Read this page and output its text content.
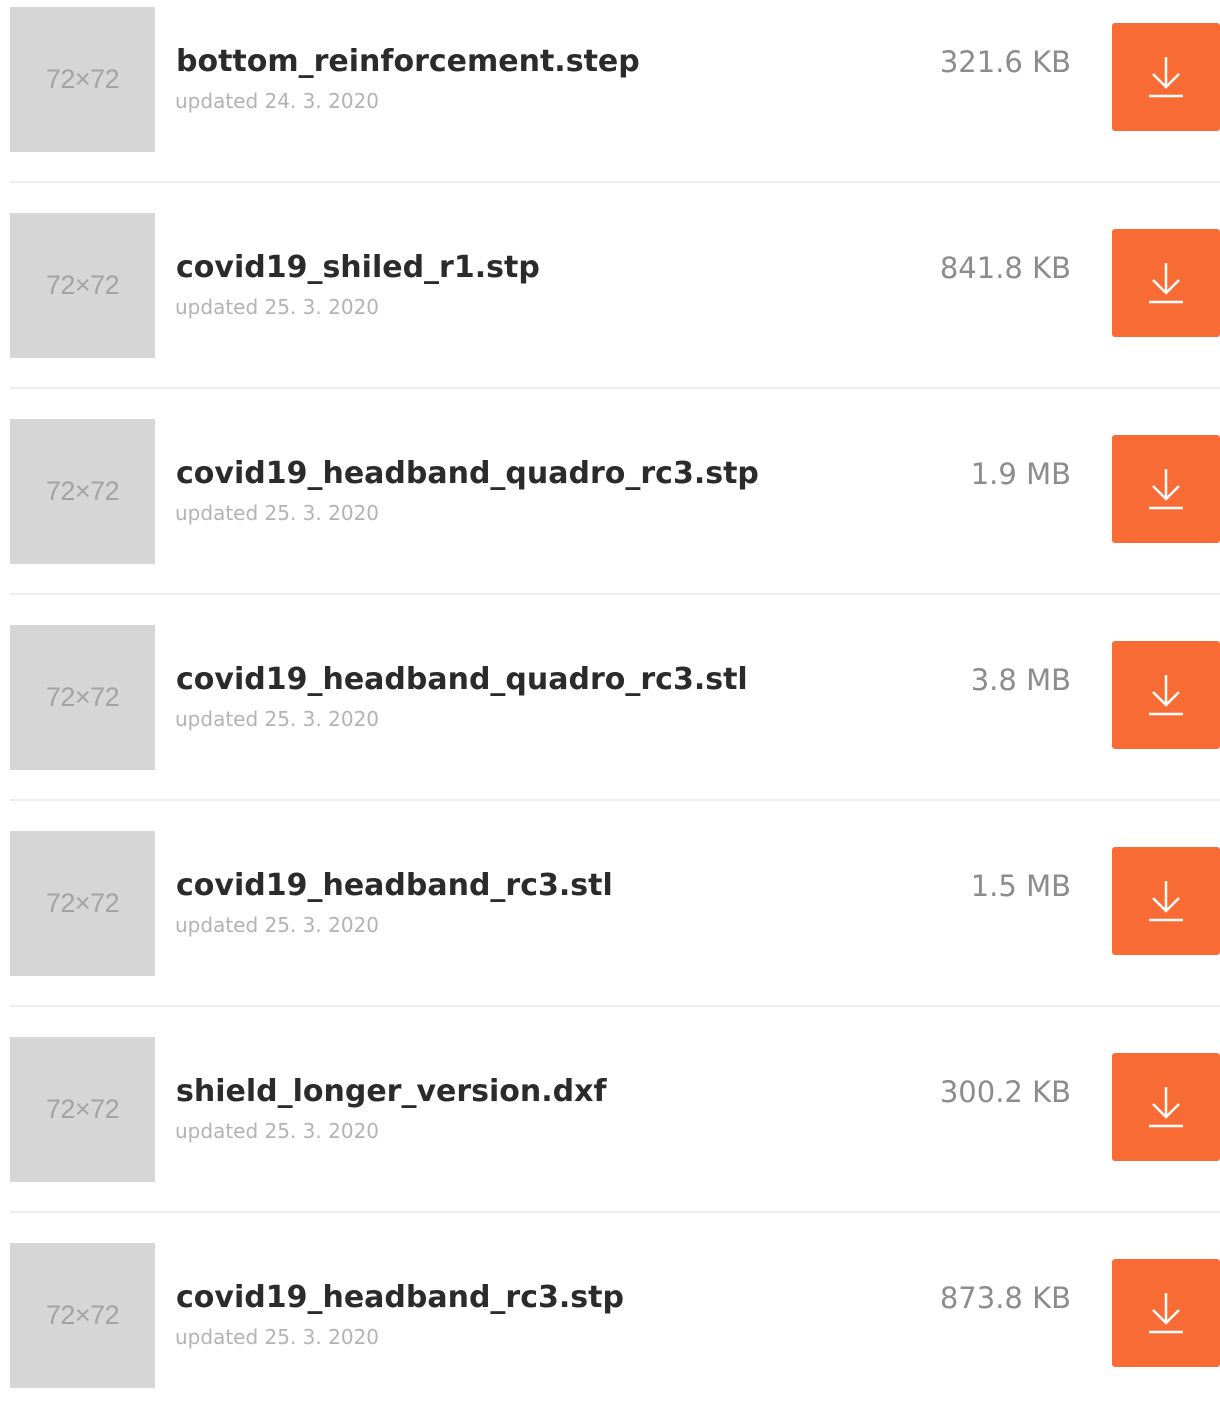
72×72 bottom_reinforcement.step
updated 24. 3. 2020
321.6 KB
72×72 covid19_shiled_r1.stp
updated 25. 3. 2020
841.8 KB
72×72 covid19_headband_quadro_rc3.stp
updated 25. 3. 2020
1.9 MB
72×72 covid19_headband_quadro_rc3.stl
updated 25. 3. 2020
3.8 MB
72×72 covid19_headband_rc3.stl
updated 25. 3. 2020
1.5 MB
72×72 shield_longer_version.dxf
updated 25. 3. 2020
300.2 KB
72×72 covid19_headband_rc3.stp
updated 25. 3. 2020
873.8 KB
